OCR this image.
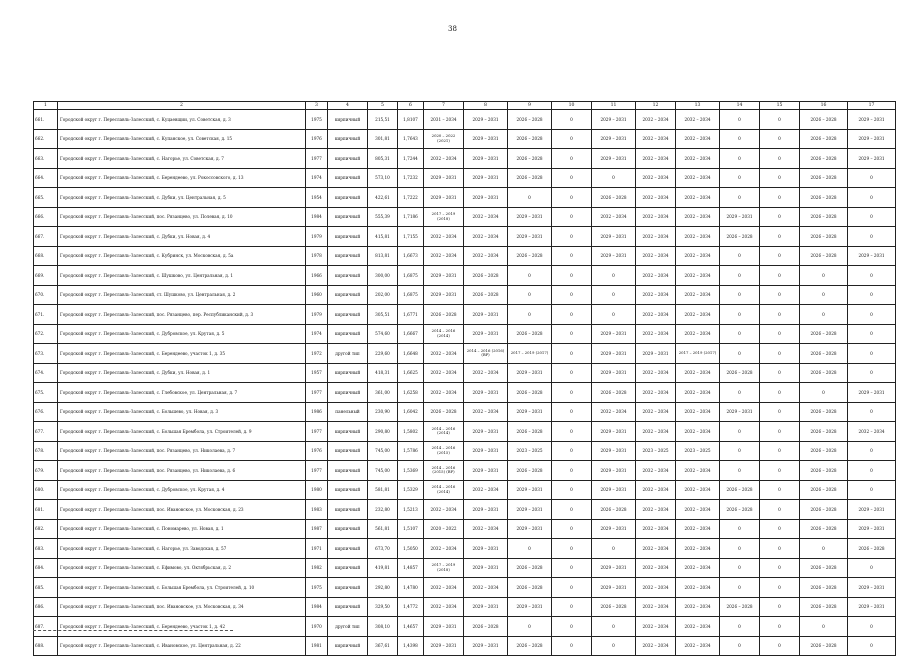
38
1	2	3	4	5	6	7	8	9	10	11	12	13	14	15	16	17
661.	Городской округ г. Переславль-Залесский, с. Куцаевщии, ул. Советская, д. 3	1975	кирпичный	215,51	1,8107	2031 – 2034	2029 – 2031	2026 – 2028	0	2029 – 2031	2032 – 2034	2032 – 2034	0	0	2026 – 2028	2029 – 2031
662.	Городской округ г. Переславль-Залесский, с. Купанское, ул. Советская, д. 15	1976	кирпичный	301,81	1,7643	2020 – 2022 (2021)	2029 – 2031	2026 – 2028	0	2029 – 2031	2032 – 2034	2032 – 2034	0	0	2026 – 2028	2029 – 2031
663.	Городской округ г. Переславль-Залесский, с. Нагорье, ул. Советская, д. 7	1977	кирпичный	805,31	1,7244	2032 – 2034	2029 – 2031	2026 – 2028	0	2029 – 2031	2032 – 2034	2032 – 2034	0	0	2026 – 2028	2029 – 2031
664.	Городской округ г. Переславль-Залесский, с. Берендеево, ул. Рокоссовского, д. 13	1974	кирпичный	573,10	1,7232	2029 – 2031	2029 – 2031	2026 – 2028	0	0	2032 – 2034	2032 – 2034	0	0	2026 – 2028	0
665.	Городской округ г. Переславль-Залесский, с. Дубки, ул. Центральная, д. 5	1954	кирпичный	422,61	1,7222	2029 – 2031	2029 – 2031	0	0	2026 – 2028	2032 – 2034	2032 – 2034	0	0	2026 – 2028	0
666.	Городской округ г. Переславль-Залесский, пос. Рязанцево, ул. Полевая, д. 10	1984	кирпичный	555,39	1,7186	2017 – 2019 (2018)	2032 – 2034	2029 – 2031	0	2032 – 2034	2032 – 2034	2032 – 2034	2029 – 2031	0	2026 – 2028	0
667.	Городской округ г. Переславль-Залесский, с. Дубки, ул. Новая, д. 4	1979	кирпичный	415,81	1,7155	2032 – 2034	2032 – 2034	2029 – 2031	0	2029 – 2031	2032 – 2034	2032 – 2034	2026 – 2028	0	2026 – 2028	0
668.	Городской округ г. Переславль-Залесский, с. Кубринск, ул. Московская, д. 5а	1978	кирпичный	813,81	1,6673	2032 – 2034	2032 – 2034	2026 – 2028	0	2029 – 2031	2032 – 2034	2032 – 2034	0	0	2026 – 2028	2029 – 2031
669.	Городской округ г. Переславль-Залесский, с. Шушково, ул. Центральная, д. 1	1966	кирпичный	300,00	1,6875	2029 – 2031	2026 – 2028	0	0	0	2032 – 2034	2032 – 2034	0	0	0	0
670.	Городской округ г. Переславль-Залесский, ст. Шушково, ул. Центральная, д. 2	1960	кирпичный	202,00	1,6875	2029 – 2031	2026 – 2028	0	0	0	2032 – 2034	2032 – 2034	0	0	0	0
671.	Городской округ г. Переславль-Залесский, пос. Рязанцево, пер. Республиканский, д. 3	1979	кирпичный	305,51	1,6771	2026 – 2028	2029 – 2031	0	0	0	2032 – 2034	2032 – 2034	0	0	0	0
672.	Городской округ г. Переславль-Залесский, с. Дубровское, ул. Крутая, д. 5	1974	кирпичный	574,60	1,6667	2014 – 2016 (2014)	2029 – 2031	2026 – 2028	0	2029 – 2031	2032 – 2034	2032 – 2034	0	0	2026 – 2028	0
673.	Городской округ г. Переславль-Залесский, с. Берендеево, участок 1, д. 35	1972	другой тип	229,60	1,6648	2032 – 2034	2014 – 2016 (2016) (ВР)	2017 – 2019 (2017)	0	2029 – 2031	2029 – 2031	2017 – 2019 (2017)	0	0	2026 – 2028	0
674.	Городской округ г. Переславль-Залесский, с. Дубки, ул. Новая, д. 1	1957	кирпичный	418,31	1,6625	2032 – 2034	2032 – 2034	2029 – 2031	0	2029 – 2031	2032 – 2034	2032 – 2034	2026 – 2028	0	2026 – 2028	0
675.	Городской округ г. Переславль-Залесский, с. Глебовское, ул. Центральная, д. 7	1977	кирпичный	361,00	1,6258	2032 – 2034	2029 – 2031	2026 – 2028	0	2026 – 2028	2032 – 2034	2032 – 2034	0	0	0	2029 – 2031
676.	Городской округ г. Переславль-Залесский, с. Большево, ул. Новая, д. 3	1986	панельный	230,90	1,6042	2026 – 2028	2032 – 2034	2029 – 2031	0	2032 – 2034	2032 – 2034	2032 – 2034	2029 – 2031	0	2026 – 2028	0
677.	Городской округ г. Переславль-Залесский, с. Большая Брембола, ул. Строителей, д. 9	1977	кирпичный	290,80	1,5802	2014 – 2016 (2014)	2029 – 2031	2026 – 2028	0	2029 – 2031	2032 – 2034	2032 – 2034	0	0	2026 – 2028	2032 – 2034
678.	Городской округ г. Переславль-Залесский, пос. Рязанцево, ул. Николаева, д. 7	1976	кирпичный	745,00	1,5786	2014 – 2016 (2015)	2029 – 2031	2023 – 2025	0	2029 – 2031	2023 – 2025	2023 – 2025	0	0	2026 – 2028	0
679.	Городской округ г. Переславль-Залесский, пос. Рязанцево, ул. Николаева, д. 6	1977	кирпичный	745,00	1,5369	2014 – 2016 (2015) (ВР)	2029 – 2031	2026 – 2028	0	2029 – 2031	2032 – 2034	2032 – 2034	0	0	2026 – 2028	0
680.	Городской округ г. Переславль-Залесский, с. Дубровское, ул. Крутая, д. 4	1980	кирпичный	581,81	1,5329	2014 – 2016 (2014)	2032 – 2034	2029 – 2031	0	2029 – 2031	2032 – 2034	2032 – 2034	2026 – 2028	0	2026 – 2028	0
681.	Городской округ г. Переславль-Залесский, пос. Ивановское, ул. Московская, д. 23	1983	кирпичный	232,80	1,5213	2032 – 2034	2029 – 2031	2029 – 2031	0	2026 – 2028	2032 – 2034	2032 – 2034	2026 – 2028	0	2026 – 2028	2029 – 2031
682.	Городской округ г. Переславль-Залесский, с. Пономарево, ул. Новая, д. 1	1987	кирпичный	561,81	1,5107	2020 – 2022	2032 – 2034	2029 – 2031	0	2029 – 2031	2032 – 2034	2032 – 2034	0	0	2026 – 2028	2029 – 2031
683.	Городской округ г. Переславль-Залесский, с. Нагорье, ул. Заводская, д. 57	1971	кирпичный	673,70	1,5050	2032 – 2034	2029 – 2031	0	0	0	2032 – 2034	2032 – 2034	0	0	0	2026 – 2028
684.	Городской округ г. Переславль-Залесский, с. Ефимово, ул. Октябрьская, д. 2	1982	кирпичный	419,81	1,4857	2017 – 2019 (2018)	2029 – 2031	2026 – 2028	0	2029 – 2031	2032 – 2034	2032 – 2034	0	0	2026 – 2028	0
685.	Городской округ г. Переславль-Залесский, с. Большая Брембола, ул. Строителей, д. 10	1975	кирпичный	292,80	1,4780	2032 – 2034	2032 – 2034	2026 – 2028	0	2029 – 2031	2032 – 2034	2032 – 2034	0	0	2026 – 2028	2029 – 2031
686.	Городской округ г. Переславль-Залесский, пос. Ивановское, ул. Московская, д. 34	1984	кирпичный	329,50	1,4772	2032 – 2034	2029 – 2031	2029 – 2031	0	2026 – 2028	2032 – 2034	2032 – 2034	2026 – 2028	0	2026 – 2028	2029 – 2031
687.	Городской округ г. Переславль-Залесский, с. Берендеево, участок 1, д. 42	1970	другой тип	308,10	1,4657	2029 – 2031	2026 – 2028	0	0	0	2032 – 2034	2032 – 2034	0	0	0	0
688.	Городской округ г. Переславль-Залесский, с. Ивановское, ул. Центральная, д. 22	1981	кирпичный	367,61	1,4398	2029 – 2031	2029 – 2031	2026 – 2028	0	0	2032 – 2034	2032 – 2034	0	0	2026 – 2028	0
